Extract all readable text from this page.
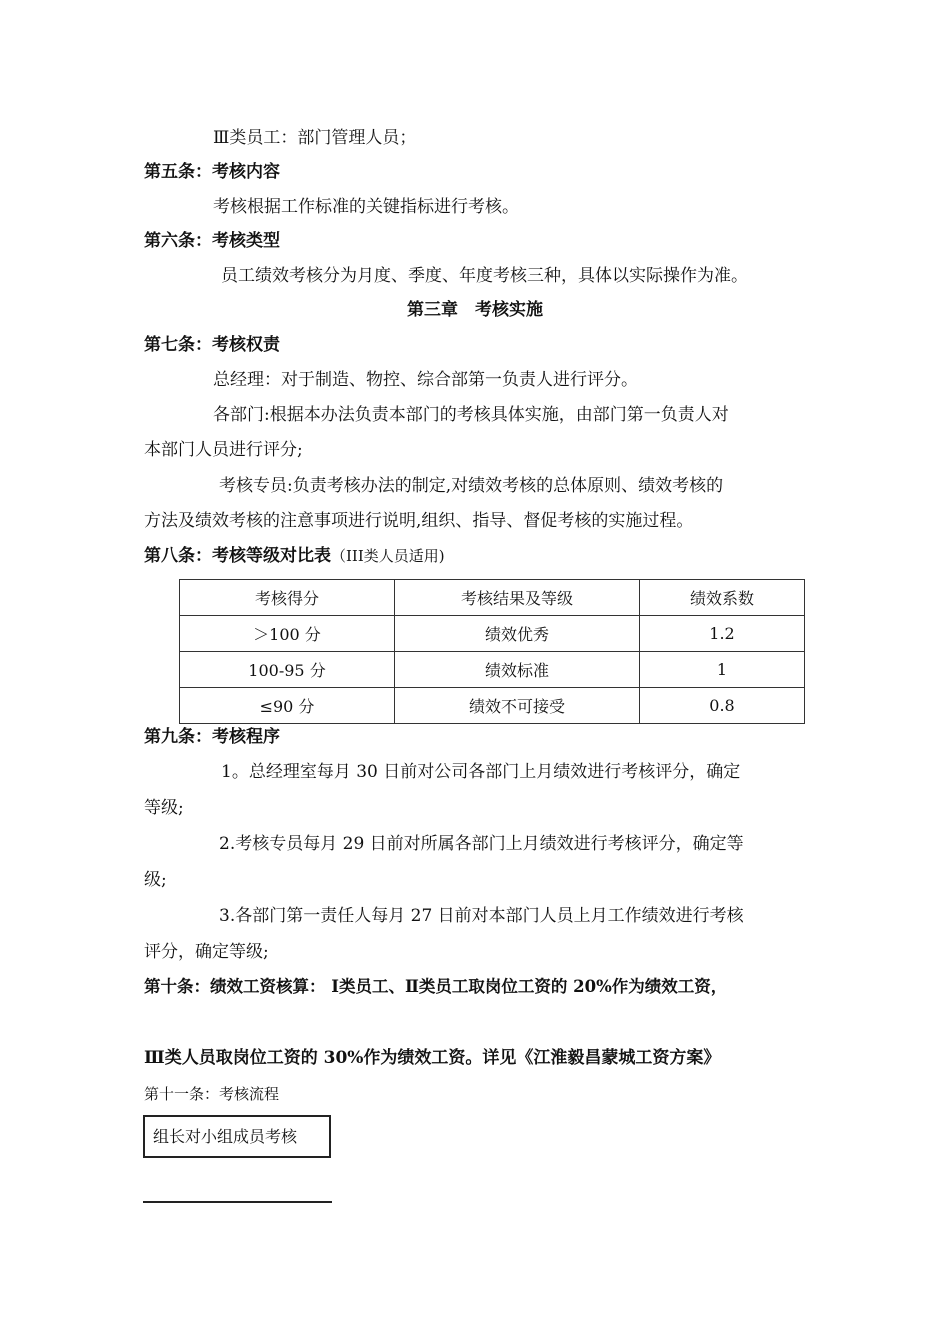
Ⅲ类员工：部门管理人员；
第五条：考核内容
考核根据工作标准的关键指标进行考核。
第六条：考核类型
员工绩效考核分为月度、季度、年度考核三种，具体以实际操作为准。
第三章　考核实施
第七条：考核权责
总经理：对于制造、物控、综合部第一负责人进行评分。
各部门:根据本办法负责本部门的考核具体实施，由部门第一负责人对
本部门人员进行评分;
考核专员:负责考核办法的制定,对绩效考核的总体原则、绩效考核的
方法及绩效考核的注意事项进行说明,组织、指导、督促考核的实施过程。
第八条：考核等级对比表（III类人员适用)
考核得分	考核结果及等级	绩效系数
＞100 分	绩效优秀	1.2
100-95 分	绩效标准	1
≤90 分	绩效不可接受	0.8
第九条：考核程序
1。总经理室每月 30 日前对公司各部门上月绩效进行考核评分，确定
等级;
2.考核专员每月 29 日前对所属各部门上月绩效进行考核评分，确定等
级;
3.各部门第一责任人每月 27 日前对本部门人员上月工作绩效进行考核
评分，确定等级;
第十条：绩效工资核算： Ⅰ类员工、Ⅱ类员工取岗位工资的 20%作为绩效工资，
Ⅲ类人员取岗位工资的 30%作为绩效工资。详见《江淮毅昌蒙城工资方案》
第十一条：考核流程
组长对小组成员考核
